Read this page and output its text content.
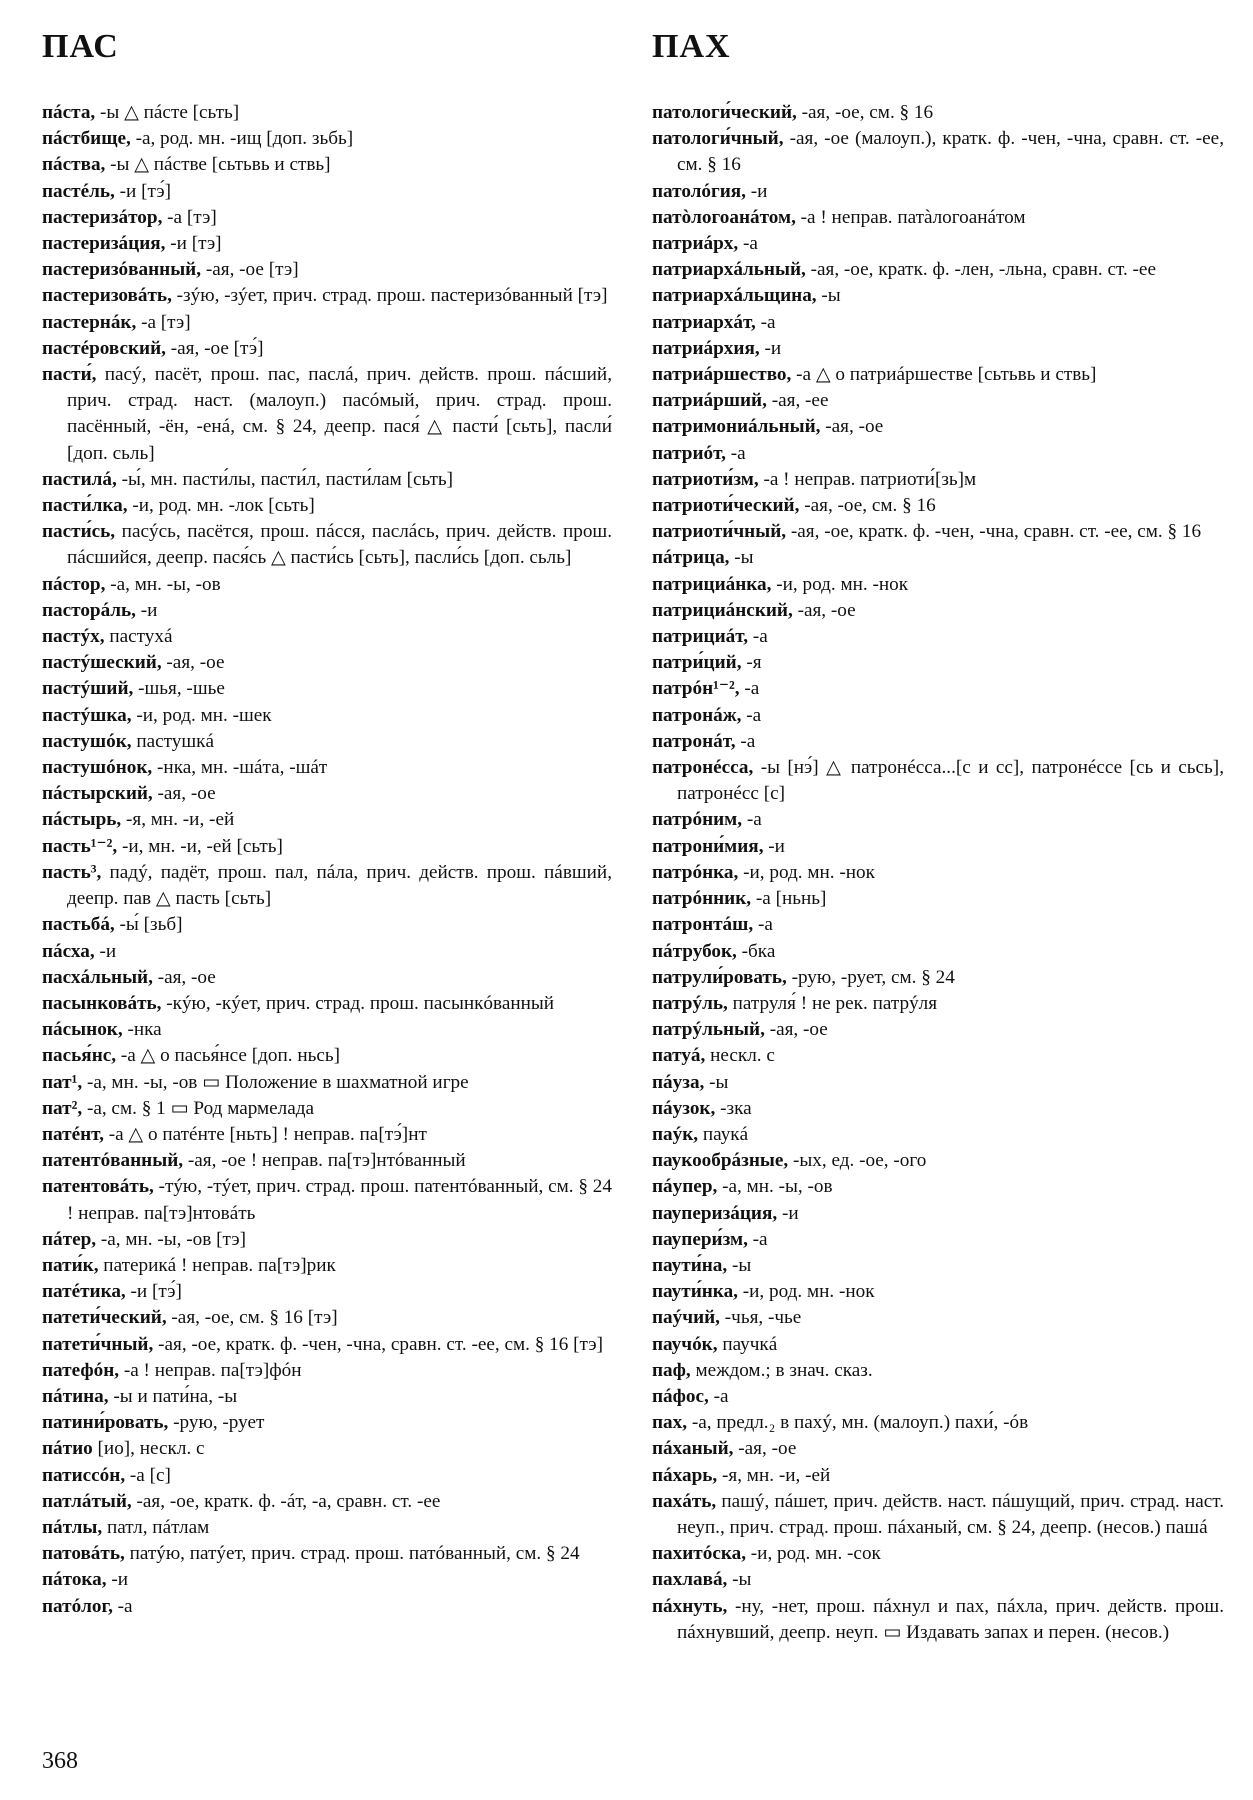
ПАС	ПАХ

пáста, -ы △ пáсте [сьть]

пáстбище, -а, род. мн. -ищ [доп. зьбь]

пáства, -ы △ пáстве [сьтьвь и ствь]

пастéль, -и [тэ́]

пастеризáтор, -а [тэ]

пастеризáция, -и [тэ]

пастеризóванный, -ая, -ое [тэ]

пастеризовáть, -зýю, -зýет, прич. страд. прош. пастеризóванный [тэ]

пастернáк, -а [тэ]

пастéровский, -ая, -ое [тэ́]

пасти́, пасý, пасёт, прош. пас, паслá, прич. действ. прош. пáсший, прич. страд. наст. (малоуп.) пасóмый, прич. страд. прош. пасённый, -ён, -енá, см. § 24, деепр. пася́ △ пасти́ [сьть], пасли́ [доп. сьль]

пастилá, -ы́, мн. пасти́лы, пасти́л, пасти́лам [сьть]

пасти́лка, -и, род. мн. -лок [сьть]

пасти́сь, пасýсь, пасётся, прош. пáсся, паслáсь, прич. действ. прош. пáсшийся, деепр. пася́сь △ пасти́сь [сьть], пасли́сь [доп. сьль]

пáстор, -а, мн. -ы, -ов

пасторáль, -и

пастýх, пастухá

пастýшеский, -ая, -ое

пастýший, -шья, -шье

пастýшка, -и, род. мн. -шек

пастушóк, пастушкá

пастушóнок, -нка, мн. -шáта, -шáт

пáстырский, -ая, -ое

пáстырь, -я, мн. -и, -ей

пасть¹⁻², -и, мн. -и, -ей [сьть]

пасть³, падý, падёт, прош. пал, пáла, прич. действ. прош. пáвший, деепр. пав △ пасть [сьть]

пастьбá, -ы́ [зьб]

пáсха, -и

пасхáльный, -ая, -ое

пасынковáть, -кýю, -кýет, прич. страд. прош. пасынкóванный

пáсынок, -нка

пасья́нс, -а △ о пасья́нсе [доп. ньсь]

пат¹, -а, мн. -ы, -ов ▭ Положение в шахматной игре

пат², -а, см. § 1 ▭ Род мармелада

патéнт, -а △ о патéнте [ньть] ! неправ. па[тэ́]нт

патентóванный, -ая, -ое ! неправ. па[тэ]нтóванный

патентовáть, -тýю, -тýет, прич. страд. прош. патентóванный, см. § 24 ! неправ. па[тэ]нтовáть

пáтер, -а, мн. -ы, -ов [тэ]

пати́к, патерикá ! неправ. па[тэ]рик

патéтика, -и [тэ́]

патети́ческий, -ая, -ое, см. § 16 [тэ]

патети́чный, -ая, -ое, кратк. ф. -чен, -чна, сравн. ст. -ее, см. § 16 [тэ]

патефóн, -а ! неправ. па[тэ]фóн

пáтина, -ы и пати́на, -ы

патини́ровать, -рую, -рует

пáтио [ио], нескл. с

патиссóн, -а [с]

патлáтый, -ая, -ое, кратк. ф. -áт, -а, сравн. ст. -ее

пáтлы, патл, пáтлам

патовáть, патýю, патýет, прич. страд. прош. патóванный, см. § 24

пáтока, -и

патóлог, -а

патологи́ческий, -ая, -ое, см. § 16

патологи́чный, -ая, -ое (малоуп.), кратк. ф. -чен, -чна, сравн. ст. -ее, см. § 16

патолóгия, -и

патòлогоанáтом, -а ! неправ. патàлогоанáтом

патриáрх, -а

патриархáльный, -ая, -ое, кратк. ф. -лен, -льна, сравн. ст. -ее

патриархáльщина, -ы

патриархáт, -а

патриáрхия, -и

патриáршество, -а △ о патриáршестве [сьтьвь и ствь]

патриáрший, -ая, -ее

патримониáльный, -ая, -ое

патриóт, -а

патриоти́зм, -а ! неправ. патриоти́[зь]м

патриоти́ческий, -ая, -ое, см. § 16

патриоти́чный, -ая, -ое, кратк. ф. -чен, -чна, сравн. ст. -ее, см. § 16

пáтрица, -ы

патрициáнка, -и, род. мн. -нок

патрициáнский, -ая, -ое

патрициáт, -а

патри́ций, -я

патрóн¹⁻², -а

патронáж, -а

патронáт, -а

патронéсса, -ы [нэ́] △ патронéсса...[с и сс], патронéссе [сь и сьсь], патронéсс [с]

патрóним, -а

патрони́мия, -и

патрóнка, -и, род. мн. -нок

патрóнник, -а [ньнь]

патронтáш, -а

пáтрубок, -бка

патрули́ровать, -рую, -рует, см. § 24

патрýль, патруля́ ! не рек. патрýля

патрýльный, -ая, -ое

патуá, нескл. с

пáуза, -ы

пáузок, -зка

паýк, паукá

паукообрáзные, -ых, ед. -ое, -ого

пáупер, -а, мн. -ы, -ов

пауперизáция, -и

паупери́зм, -а

паути́на, -ы

паути́нка, -и, род. мн. -нок

паýчий, -чья, -чье

паучóк, паучкá

паф, междом.; в знач. сказ.

пáфос, -а

пах, -а, предл.₂ в пахý, мн. (малоуп.) пахи́, -óв

пáханый, -ая, -ое

пáхарь, -я, мн. -и, -ей

пахáть, пашý, пáшет, прич. действ. наст. пáшущий, прич. страд. наст. неуп., прич. страд. прош. пáханый, см. § 24, деепр. (несов.) пашá

пахитóска, -и, род. мн. -сок

пахлавá, -ы

пáхнуть, -ну, -нет, прош. пáхнул и пах, пáхла, прич. действ. прош. пáхнувший, деепр. неуп. ▭ Издавать запах и перен. (несов.)

368
